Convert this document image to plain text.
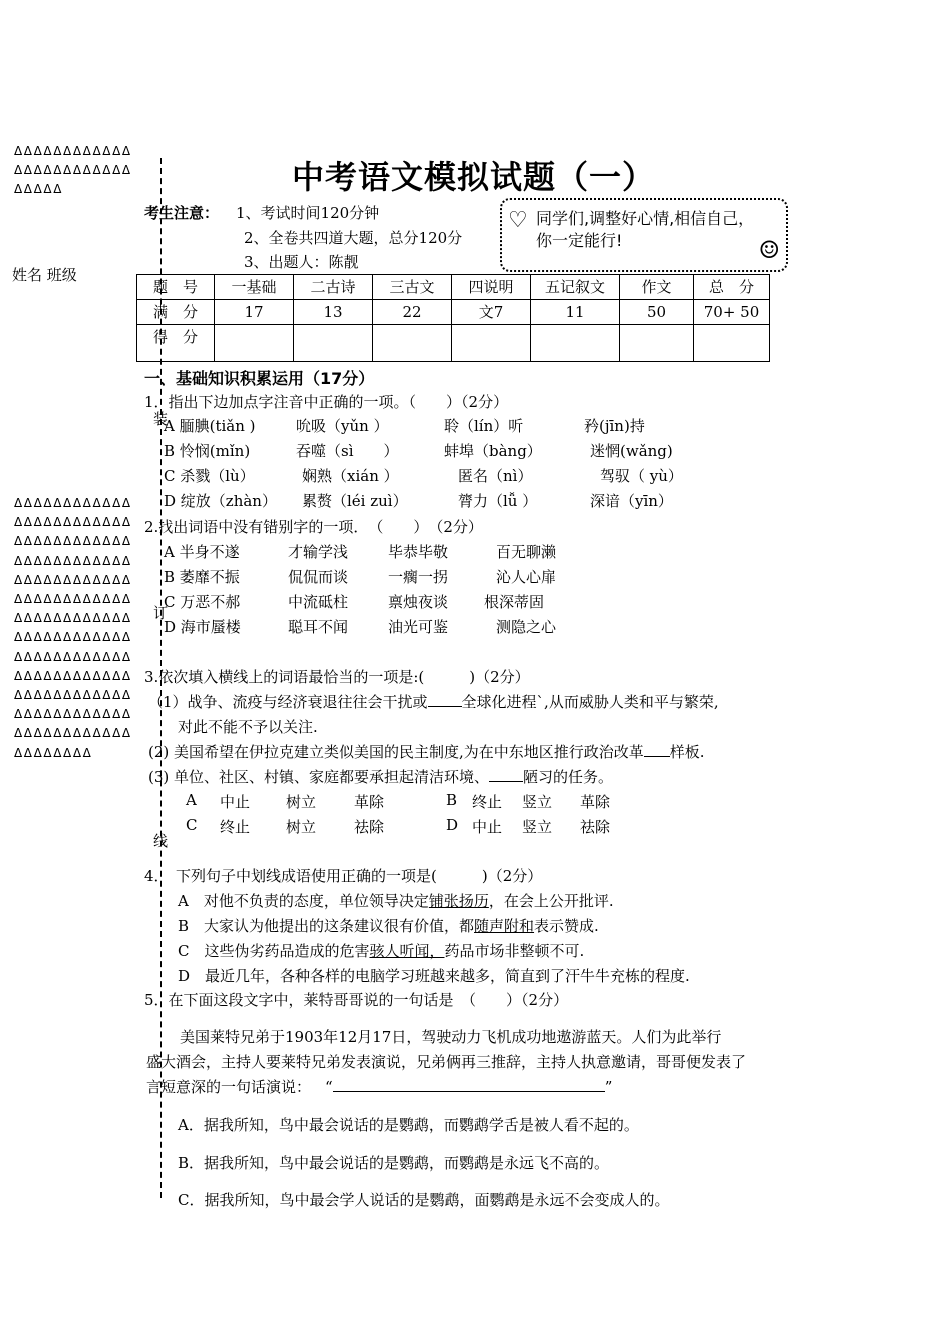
ΔΔΔΔΔΔΔΔΔΔΔΔΔΔΔΔΔΔΔΔΔΔΔΔΔΔΔΔΔ
姓名 班级
ΔΔΔΔΔΔΔΔΔΔΔΔΔΔΔΔΔΔΔΔΔΔΔΔΔΔΔΔΔΔΔΔΔΔΔΔΔΔΔΔΔΔΔΔΔΔΔΔΔΔΔΔΔΔΔΔΔΔΔΔΔΔΔΔΔΔΔΔΔΔΔΔΔΔΔΔΔΔΔΔΔΔΔΔΔΔΔΔΔΔΔΔΔΔΔΔΔΔΔΔΔΔΔΔΔΔΔΔΔΔΔΔΔΔΔΔΔΔΔΔΔΔΔΔΔΔΔΔΔΔΔΔΔΔΔΔΔΔΔΔΔΔΔΔΔΔΔΔΔΔΔΔΔΔΔΔΔΔΔΔΔΔΔΔ
装
订
线
中考语文模拟试题（一）
考生注意： 1、考试时间120分钟
2、全卷共四道大题，总分120分
3、出题人：陈靓
♡ 同学们,调整好心情,相信自己，你一定能行!	☺
题　号	一基础	二古诗	三古文	四说明	五记叙文	作文	总　分
满　分	17	13	22	文7	11	50	70+ 50
得　分							
一、基础知识积累运用（17分）
1．指出下边加点字注音中正确的一项。（　　）（2分）
A 腼腆(tiǎn )	吮吸（yǔn ）	聆（lín）听	矜(jīn)持
B 怜悯(mǐn)	吞噬（sì　　）	蚌埠（bàng）	迷惘(wǎng)
C 杀戮（lù）	娴熟（xián ）	匿名（nì）	驾驭（ yù）
D 绽放（zhàn） 累赘（léi zuì）	膂力（lǚ ）	深谙（yīn）
2.找出词语中没有错别字的一项．　（　　）　（2分）
A 半身不遂	才输学浅	毕恭毕敬	百无聊濑
B 萎靡不振	侃侃而谈	一瘸一拐	沁人心扉
C 万恶不郝	中流砥柱	禀烛夜谈 根深蒂固
D 海市蜃楼	聪耳不闻	油光可鉴	测隐之心
3.依次填入横线上的词语最恰当的一项是:(　　　)（2分）
（1）战争、流疫与经济衰退往往会干扰或 全球化进程`,从而威胁人类和平与繁荣,
对此不能不予以关注.
(2) 美国希望在伊拉克建立类似美国的民主制度,为在中东地区推行政治改革 样板.
(3) 单位、社区、村镇、家庭都要承担起清洁环境、 陋习的任务。
A 中止 树立	革除	B 终止 竖立 革除
C 终止 树立	祛除	D 中止 竖立 祛除
4．　下列句子中划线成语使用正确的一项是(　　　)（2分）
A　对他不负责的态度，单位领导决定铺张扬历，在会上公开批评.
B　大家认为他提出的这条建议很有价值，都随声附和表示赞成.
C　这些伪劣药品造成的危害骇人听闻，药品市场非整顿不可.
D　最近几年，各种各样的电脑学习班越来越多，简直到了汗牛牛充栋的程度.
5．在下面这段文字中，莱特哥哥说的一句话是　（　　）（2分）
美国莱特兄弟于1903年12月17日，驾驶动力飞机成功地遨游蓝天。人们为此举行
盛大酒会，主持人要莱特兄弟发表演说，兄弟俩再三推辞，主持人执意邀请，哥哥便发表了
言短意深的一句话演说： “	”
A．据我所知，鸟中最会说话的是鹦鹉，而鹦鹉学舌是被人看不起的。
B．据我所知，鸟中最会说话的是鹦鹉，而鹦鹉是永远飞不高的。
C．据我所知，鸟中最会学人说话的是鹦鹉，面鹦鹉是永远不会变成人的。
